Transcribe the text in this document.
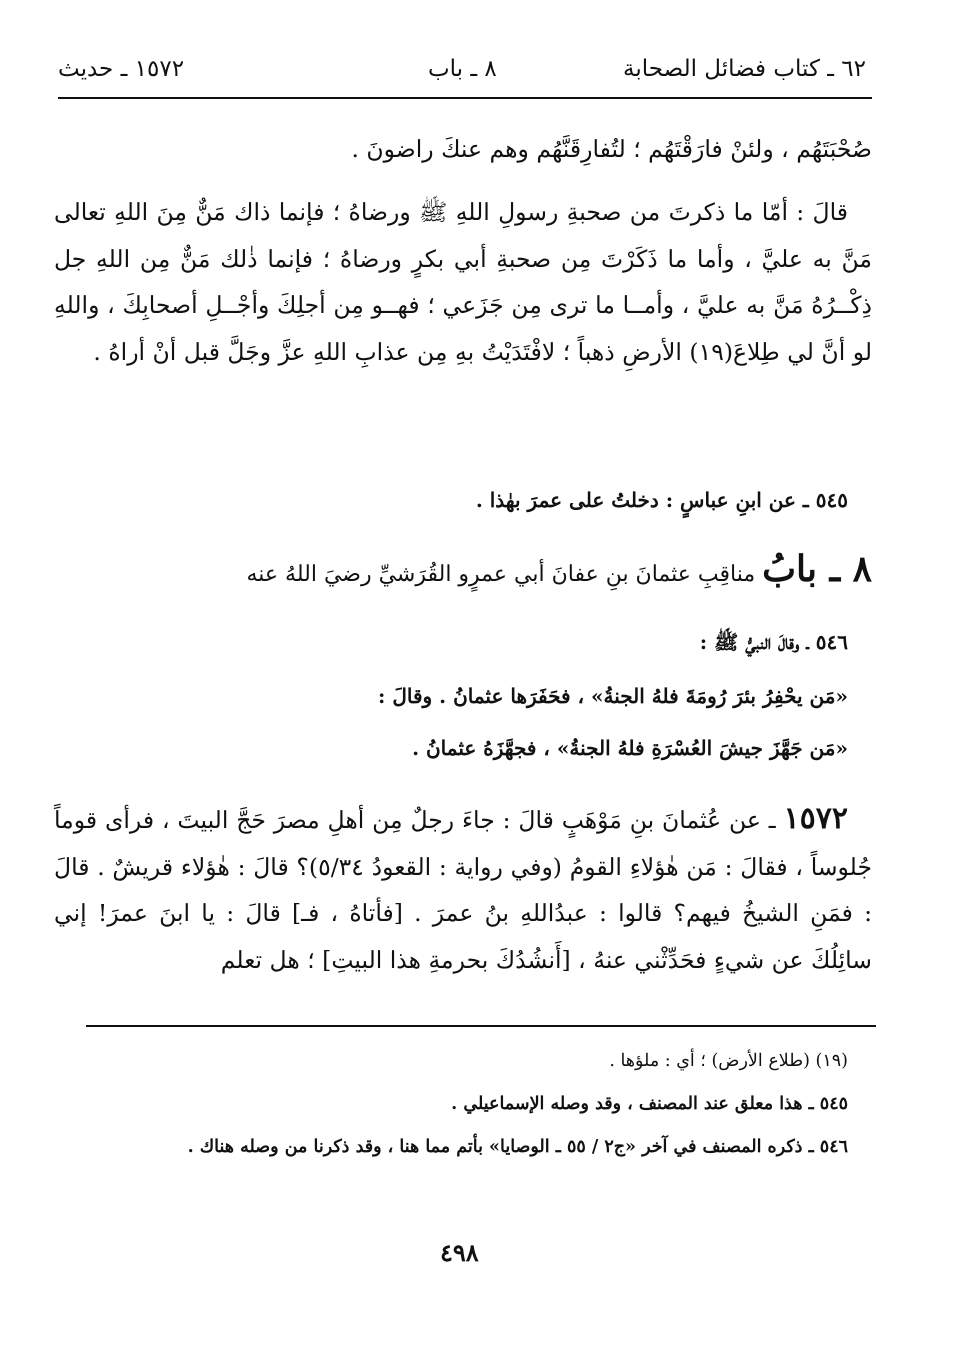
٦٢ ـ كتاب فضائل الصحابة
٨ ـ باب
١٥٧٢ ـ حديث

صُحْبَتَهُم ، ولئنْ فارَقْتَهُم ؛ لتُفارِقَنَّهُم وهم عنكَ راضونَ .

قالَ : أمّا ما ذكرتَ من صحبةِ رسولِ اللهِ ﷺ ورضاهُ ؛ فإنما ذاك مَنٌّ مِنَ اللهِ تعالى مَنَّ به عليَّ ، وأما ما ذَكَرْتَ مِن صحبةِ أبي بكرٍ ورضاهُ ؛ فإنما ذٰلك مَنٌّ مِن اللهِ جل ذِكْــرُهُ مَنَّ به عليَّ ، وأمــا ما ترى مِن جَزَعي ؛ فهــو مِن أجلِكَ وأجْــلِ أصحابِكَ ، واللهِ لو أنَّ لي طِلاعَ(١٩) الأرضِ ذهباً ؛ لافْتَدَيْتُ بهِ مِن عذابِ اللهِ عزَّ وجَلَّ قبل أنْ أراهُ .

٥٤٥ ـ عن ابنِ عباسٍ : دخلتُ على عمرَ بهٰذا .
٨ ـ بابُ مناقِبِ عثمانَ بنِ عفانَ أبي عمرٍو القُرَشيِّ رضيَ اللهُ عنه
٥٤٦ ـ وقالَ النبيُّ ﷺ :
«مَن يحْفِرُ بئرَ رُومَةَ فلهُ الجنةُ» ، فحَفَرَها عثمانُ . وقالَ :
«مَن جَهَّزَ جيشَ العُسْرَةِ فلهُ الجنةُ» ، فجهَّزَهُ عثمانُ .

١٥٧٢ ـ عن عُثمانَ بنِ مَوْهَبٍ قالَ : جاءَ رجلٌ مِن أهلِ مصرَ حَجَّ البيتَ ، فرأى قوماً جُلوساً ، فقالَ : مَن هٰؤلاءِ القومُ (وفي رواية : القعودُ ٥/٣٤)؟ قالَ : هٰؤلاء قريشٌ . قالَ : فمَنِ الشيخُ فيهم؟ قالوا : عبدُاللهِ بنُ عمرَ . [فأتاهُ ، فـ] قالَ : يا ابنَ عمرَ! إني سائِلُكَ عن شيءٍ فحَدِّثْني عنهُ ، [أَنشُدُكَ بحرمةِ هذا البيتِ] ؛ هل تعلم

(١٩) (طلاع الأرض) ؛ أي : ملؤها .
٥٤٥ ـ هذا معلق عند المصنف ، وقد وصله الإسماعيلي .
٥٤٦ ـ ذكره المصنف في آخر «ج٢ / ٥٥ ـ الوصايا» بأتم مما هنا ، وقد ذكرنا من وصله هناك .
٤٩٨
